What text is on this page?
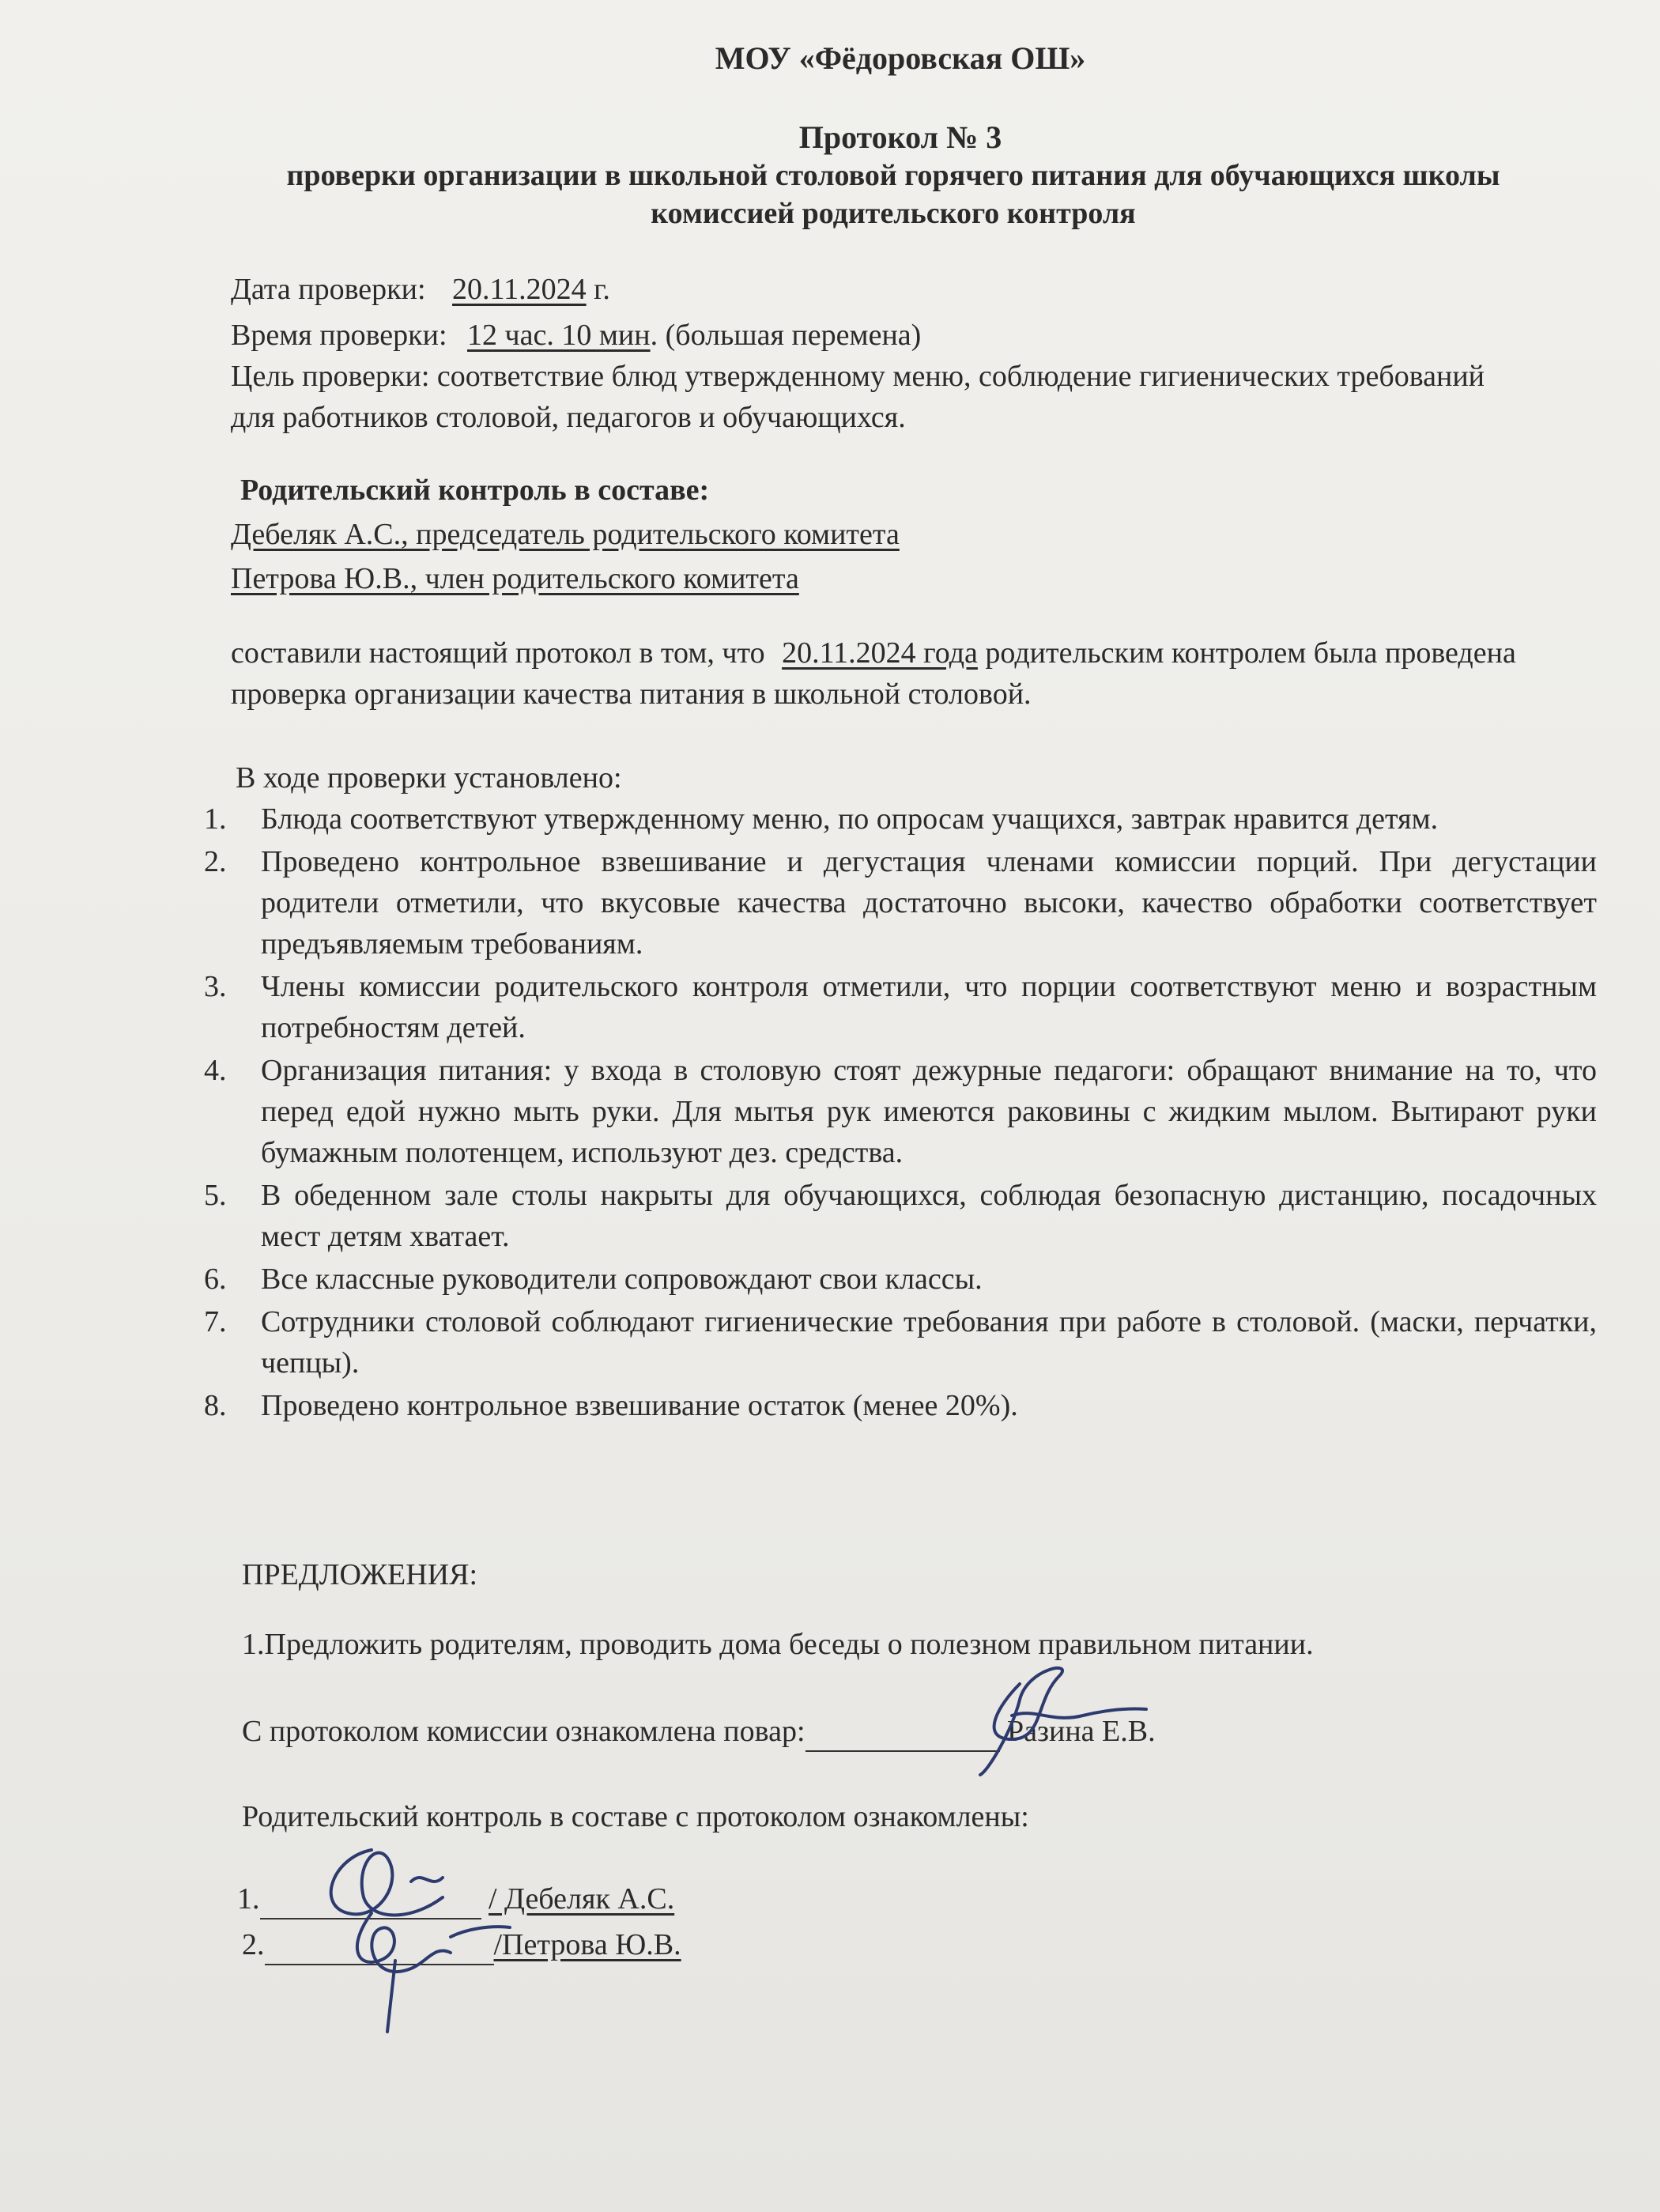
МОУ «Фёдоровская ОШ»
Протокол № 3
проверки организации в школьной столовой горячего питания для обучающихся школы комиссией родительского контроля
Дата проверки: 20.11.2024 г.
Время проверки: 12 час. 10 мин. (большая перемена)
Цель проверки: соответствие блюд утвержденному меню, соблюдение гигиенических требований для работников столовой, педагогов и обучающихся.
Родительский контроль в составе:
Дебеляк А.С., председатель родительского комитета
Петрова Ю.В., член родительского комитета
составили настоящий протокол в том, что 20.11.2024 года родительским контролем была проведена проверка организации качества питания в школьной столовой.
В ходе проверки установлено:
1. Блюда соответствуют утвержденному меню, по опросам учащихся, завтрак нравится детям.
2. Проведено контрольное взвешивание и дегустация членами комиссии порций. При дегустации родители отметили, что вкусовые качества достаточно высоки, качество обработки соответствует предъявляемым требованиям.
3. Члены комиссии родительского контроля отметили, что порции соответствуют меню и возрастным потребностям детей.
4. Организация питания: у входа в столовую стоят дежурные педагоги: обращают внимание на то, что перед едой нужно мыть руки. Для мытья рук имеются раковины с жидким мылом. Вытирают руки бумажным полотенцем, используют дез. средства.
5. В обеденном зале столы накрыты для обучающихся, соблюдая безопасную дистанцию, посадочных мест детям хватает.
6. Все классные руководители сопровождают свои классы.
7. Сотрудники столовой соблюдают гигиенические требования при работе в столовой. (маски, перчатки, чепцы).
8. Проведено контрольное взвешивание остаток (менее 20%).
ПРЕДЛОЖЕНИЯ:
1.Предложить родителям, проводить дома беседы о полезном правильном питании.
С протоколом комиссии ознакомлена повар:	Разина Е.В.
Родительский контроль в составе с протоколом ознакомлены:
1.	/ Дебеляк А.С.
2.	/Петрова Ю.В.
